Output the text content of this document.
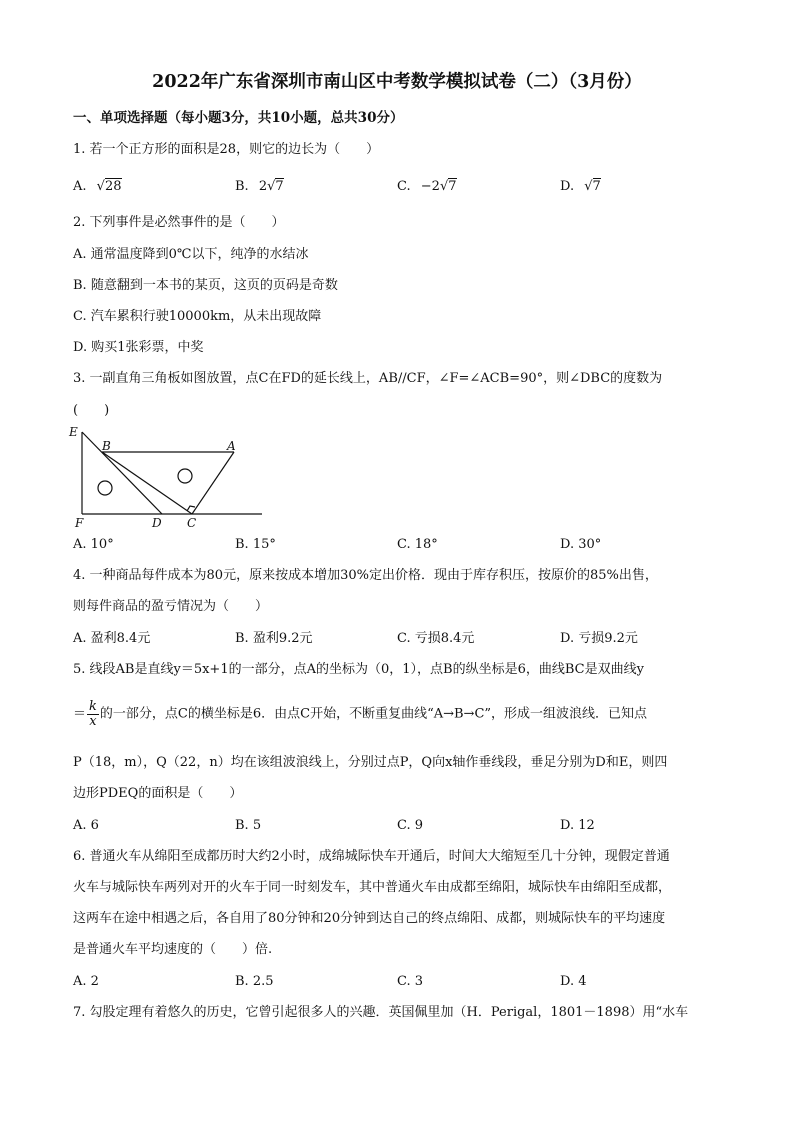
2022年广东省深圳市南山区中考数学模拟试卷（二）（3月份）
一、单项选择题（每小题3分，共10小题，总共30分）
1. 若一个正方形的面积是28，则它的边长为（　　）
A. √28	B. 2√7	C. −2√7	D. √7
2. 下列事件是必然事件的是（　　）
A. 通常温度降到0℃以下，纯净的水结冰
B. 随意翻到一本书的某页，这页的页码是奇数
C. 汽车累积行驶10000km，从未出现故障
D. 购买1张彩票，中奖
3. 一副直角三角板如图放置，点C在FD的延长线上，AB//CF，∠F=∠ACB=90°，则∠DBC的度数为
(　　)
E
B	A
F	D C
A. 10°	B. 15°	C. 18°	D. 30°
4. 一种商品每件成本为80元，原来按成本增加30%定出价格．现由于库存积压，按原价的85%出售，
则每件商品的盈亏情况为（　　）
A. 盈利8.4元	B. 盈利9.2元	C. 亏损8.4元	D. 亏损9.2元
5. 线段AB是直线y＝5x+1的一部分，点A的坐标为（0，1），点B的纵坐标是6，曲线BC是双曲线y
＝ $\frac{k}{x}$ 的一部分，点C的横坐标是6．由点C开始，不断重复曲线“A→B→C”，形成一组波浪线．已知点
P（18，m），Q（22，n）均在该组波浪线上，分别过点P，Q向x轴作垂线段，垂足分别为D和E，则四
边形PDEQ的面积是（　　）
A. 6	B. 5	C. 9	D. 12
6. 普通火车从绵阳至成都历时大约2小时，成绵城际快车开通后，时间大大缩短至几十分钟，现假定普通
火车与城际快车两列对开的火车于同一时刻发车，其中普通火车由成都至绵阳，城际快车由绵阳至成都，
这两车在途中相遇之后，各自用了80分钟和20分钟到达自己的终点绵阳、成都，则城际快车的平均速度
是普通火车平均速度的（　　）倍.
A. 2	B. 2.5	C. 3	D. 4
7. 勾股定理有着悠久的历史，它曾引起很多人的兴趣．英国佩里加（H．Perigal，1801－1898）用“水车
